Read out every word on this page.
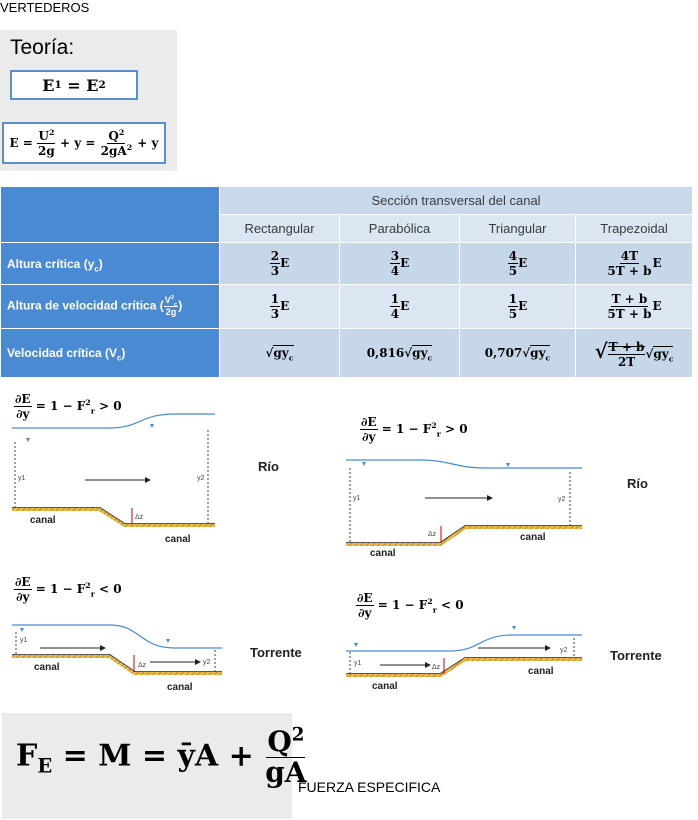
VERTEDEROS
Teoría:
E 1 = E 2
$E = \frac{U^2}{2g} + y = \frac{Q^2}{2gA^2} + y$
	Sección transversal del canal			
	Rectangular	Parabólica	Triangular	Trapezoidal
Altura crítica $(y_c)$	$\frac{2}{3}$ E	$\frac{3}{4}$ E	$\frac{4}{5}$ E	$\frac{4T}{5T + b}$ E
Altura de velocidad crítica ( $\frac{V^2_c}{2g}$ )	$\frac{1}{3}$ E	$\frac{1}{4}$ E	$\frac{1}{5}$ E	$\frac{T + b}{5T + b}$ E
Velocidad crítica $(V_c)$	$√gy_c$	$0,816√gy_c$	$0,707√gy_c$	√ $\frac{T + b}{2T} √gy_c$
$\frac{\partial E}{\partial y} = 1 - F^2_r > 0$
$\frac{\partial E}{\partial y} = 1 - F^2_r > 0$
$\frac{\partial E}{\partial y} = 1 - F^2_r < 0$
$\frac{\partial E}{\partial y} = 1 - F^2_r < 0$
y1	y2
Δz
canal
canal
Río
y1	y2
Δz
canal
canal
Río
y1
y2
Δz
canal
canal
Torrente
y1
y2
Δz
canal
canal
Torrente
$F_E = M$ = ȳA + $\frac{Q^2}{gA}$
FUERZA ESPECIFICA
